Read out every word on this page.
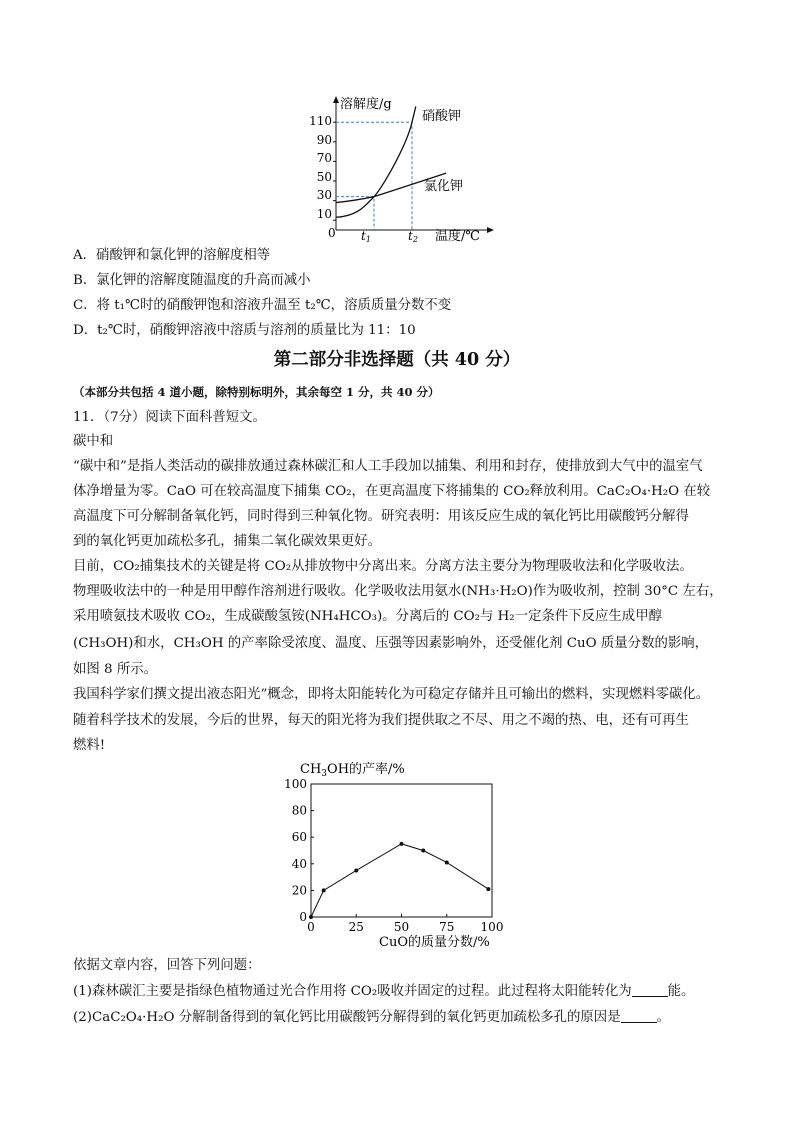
溶解度/g
温度/℃
0
110
90
70
50
30
10
硝酸钾
氯化钾
t1	t2
A．硝酸钾和氯化钾的溶解度相等
B．氯化钾的溶解度随温度的升高而减小
C．将 t₁℃时的硝酸钾饱和溶液升温至 t₂℃，溶质质量分数不变
D．t₂℃时，硝酸钾溶液中溶质与溶剂的质量比为 11：10
第二部分非选择题（共 40 分）
（本部分共包括 4 道小题，除特别标明外，其余每空 1 分，共 40 分）
11．（7分）阅读下面科普短文。
碳中和
“碳中和”是指人类活动的碳排放通过森林碳汇和人工手段加以捕集、利用和封存，使排放到大气中的温室气
体净增量为零。CaO 可在较高温度下捕集 CO₂，在更高温度下将捕集的 CO₂释放利用。CaC₂O₄·H₂O 在较
高温度下可分解制备氧化钙，同时得到三种氧化物。研究表明：用该反应生成的氧化钙比用碳酸钙分解得
到的氧化钙更加疏松多孔，捕集二氧化碳效果更好。
目前，CO₂捕集技术的关键是将 CO₂从排放物中分离出来。分离方法主要分为物理吸收法和化学吸收法。
物理吸收法中的一种是用甲醇作溶剂进行吸收。化学吸收法用氨水(NH₃·H₂O)作为吸收剂，控制 30°C 左右，
采用喷氨技术吸收 CO₂，生成碳酸氢铵(NH₄HCO₃)。分离后的 CO₂与 H₂一定条件下反应生成甲醇
(CH₃OH)和水，CH₃OH 的产率除受浓度、温度、压强等因素影响外，还受催化剂 CuO 质量分数的影响，
如图 8 所示。
我国科学家们撰文提出液态阳光”概念，即将太阳能转化为可稳定存储并且可输出的燃料，实现燃料零碳化。
随着科学技术的发展，今后的世界，每天的阳光将为我们提供取之不尽、用之不竭的热、电，还有可再生
燃料!
$CH_3OH$的产率/%
0
20
40
60
80
100
0	25 50 75 100
CuO的质量分数/%
依据文章内容，回答下列问题：
(1)森林碳汇主要是指绿色植物通过光合作用将 CO₂吸收并固定的过程。此过程将太阳能转化为	能。
(2)CaC₂O₄·H₂O 分解制备得到的氧化钙比用碳酸钙分解得到的氧化钙更加疏松多孔的原因是	。
